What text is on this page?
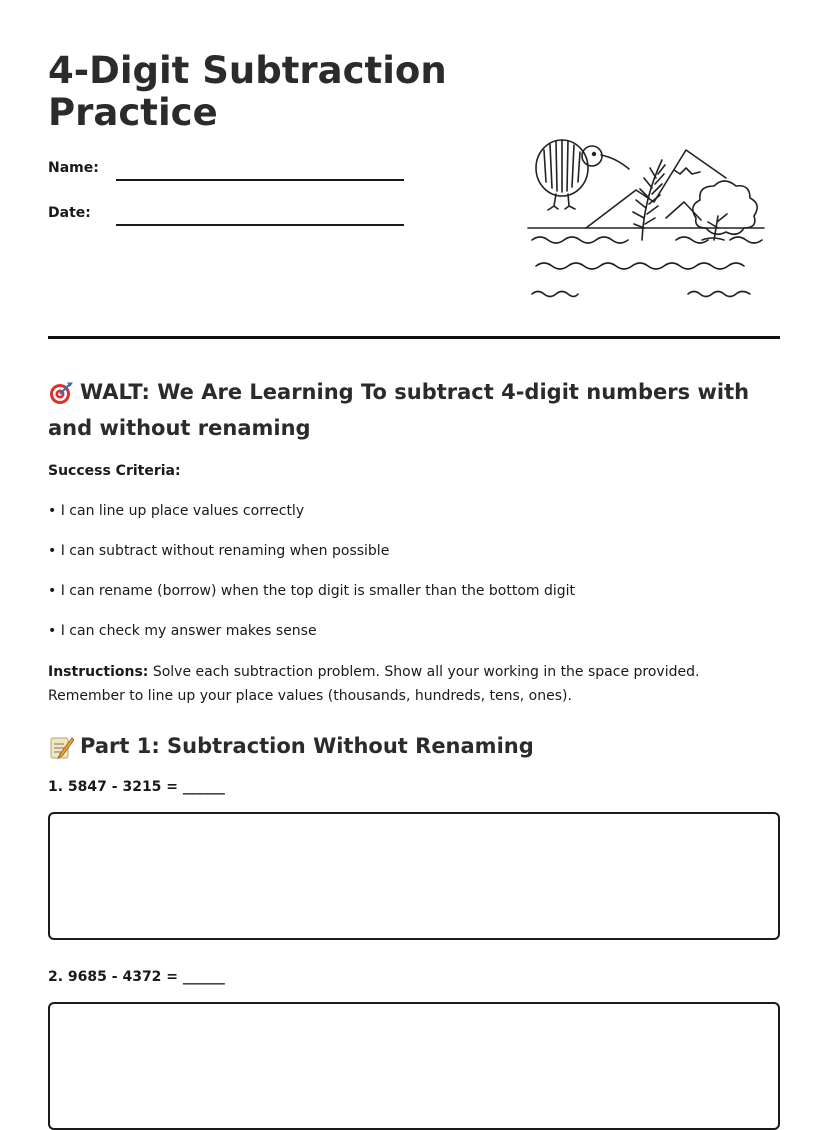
4-Digit Subtraction Practice
Name:
Date:
WALT: We Are Learning To subtract 4-digit numbers with and without renaming

Success Criteria:

• I can line up place values correctly
• I can subtract without renaming when possible
• I can rename (borrow) when the top digit is smaller than the bottom digit
• I can check my answer makes sense

Instructions: Solve each subtraction problem. Show all your working in the space provided. Remember to line up your place values (thousands, hundreds, tens, ones).

Part 1: Subtraction Without Renaming

1. 5847 - 3215 = ______

2. 9685 - 4372 = ______
